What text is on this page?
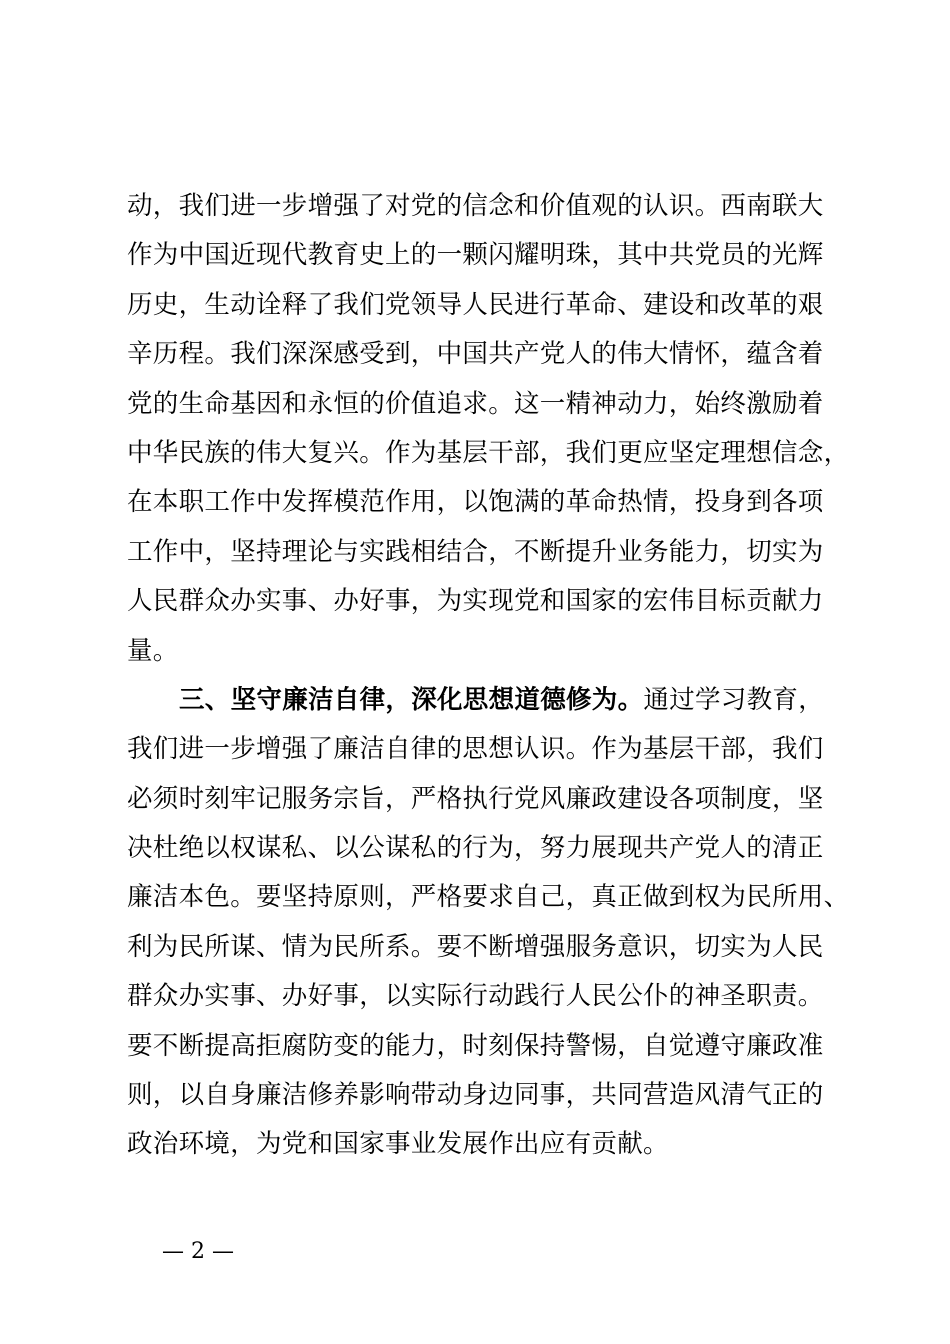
动，我们进一步增强了对党的信念和价值观的认识。西南联大
作为中国近现代教育史上的一颗闪耀明珠，其中共党员的光辉
历史，生动诠释了我们党领导人民进行革命、建设和改革的艰
辛历程。我们深深感受到，中国共产党人的伟大情怀，蕴含着
党的生命基因和永恒的价值追求。这一精神动力，始终激励着
中华民族的伟大复兴。作为基层干部，我们更应坚定理想信念，
在本职工作中发挥模范作用，以饱满的革命热情，投身到各项
工作中，坚持理论与实践相结合，不断提升业务能力，切实为
人民群众办实事、办好事，为实现党和国家的宏伟目标贡献力
量。
三、坚守廉洁自律，深化思想道德修为。通过学习教育，
我们进一步增强了廉洁自律的思想认识。作为基层干部，我们
必须时刻牢记服务宗旨，严格执行党风廉政建设各项制度，坚
决杜绝以权谋私、以公谋私的行为，努力展现共产党人的清正
廉洁本色。要坚持原则，严格要求自己，真正做到权为民所用、
利为民所谋、情为民所系。要不断增强服务意识，切实为人民
群众办实事、办好事，以实际行动践行人民公仆的神圣职责。
要不断提高拒腐防变的能力，时刻保持警惕，自觉遵守廉政准
则，以自身廉洁修养影响带动身边同事，共同营造风清气正的
政治环境，为党和国家事业发展作出应有贡献。
— 2 —
